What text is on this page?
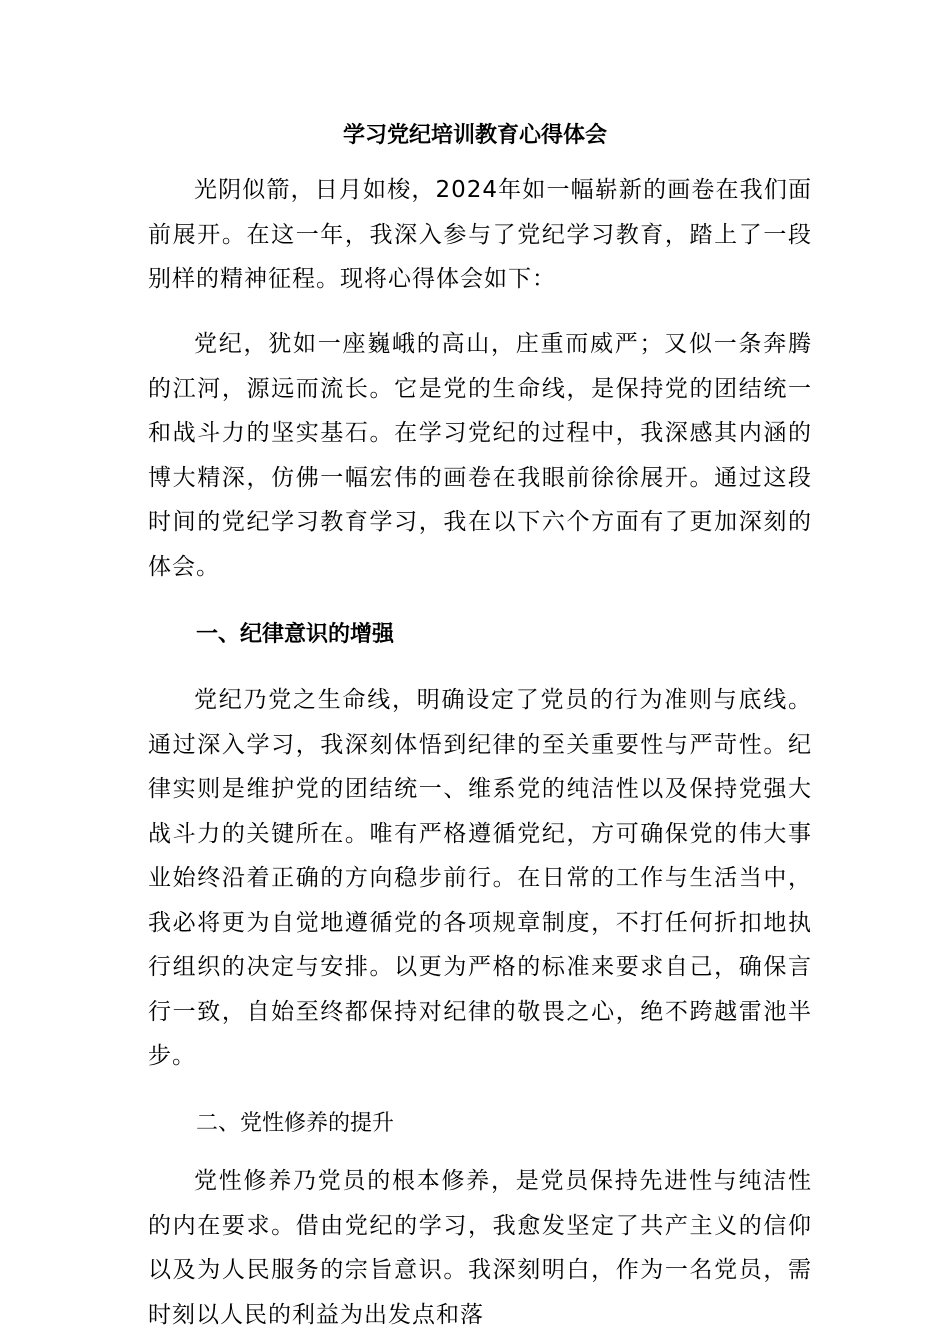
学习党纪培训教育心得体会

光阴似箭，日月如梭，2024年如一幅崭新的画卷在我们面前展开。在这一年，我深入参与了党纪学习教育，踏上了一段别样的精神征程。现将心得体会如下：

党纪，犹如一座巍峨的高山，庄重而威严；又似一条奔腾的江河，源远而流长。它是党的生命线，是保持党的团结统一和战斗力的坚实基石。在学习党纪的过程中，我深感其内涵的博大精深，仿佛一幅宏伟的画卷在我眼前徐徐展开。通过这段时间的党纪学习教育学习，我在以下六个方面有了更加深刻的体会。

一、纪律意识的增强

党纪乃党之生命线，明确设定了党员的行为准则与底线。通过深入学习，我深刻体悟到纪律的至关重要性与严苛性。纪律实则是维护党的团结统一、维系党的纯洁性以及保持党强大战斗力的关键所在。唯有严格遵循党纪，方可确保党的伟大事业始终沿着正确的方向稳步前行。在日常的工作与生活当中，我必将更为自觉地遵循党的各项规章制度，不打任何折扣地执行组织的决定与安排。以更为严格的标准来要求自己，确保言行一致，自始至终都保持对纪律的敬畏之心，绝不跨越雷池半步。

二、党性修养的提升

党性修养乃党员的根本修养，是党员保持先进性与纯洁性的内在要求。借由党纪的学习，我愈发坚定了共产主义的信仰以及为人民服务的宗旨意识。我深刻明白，作为一名党员，需时刻以人民的利益为出发点和落
